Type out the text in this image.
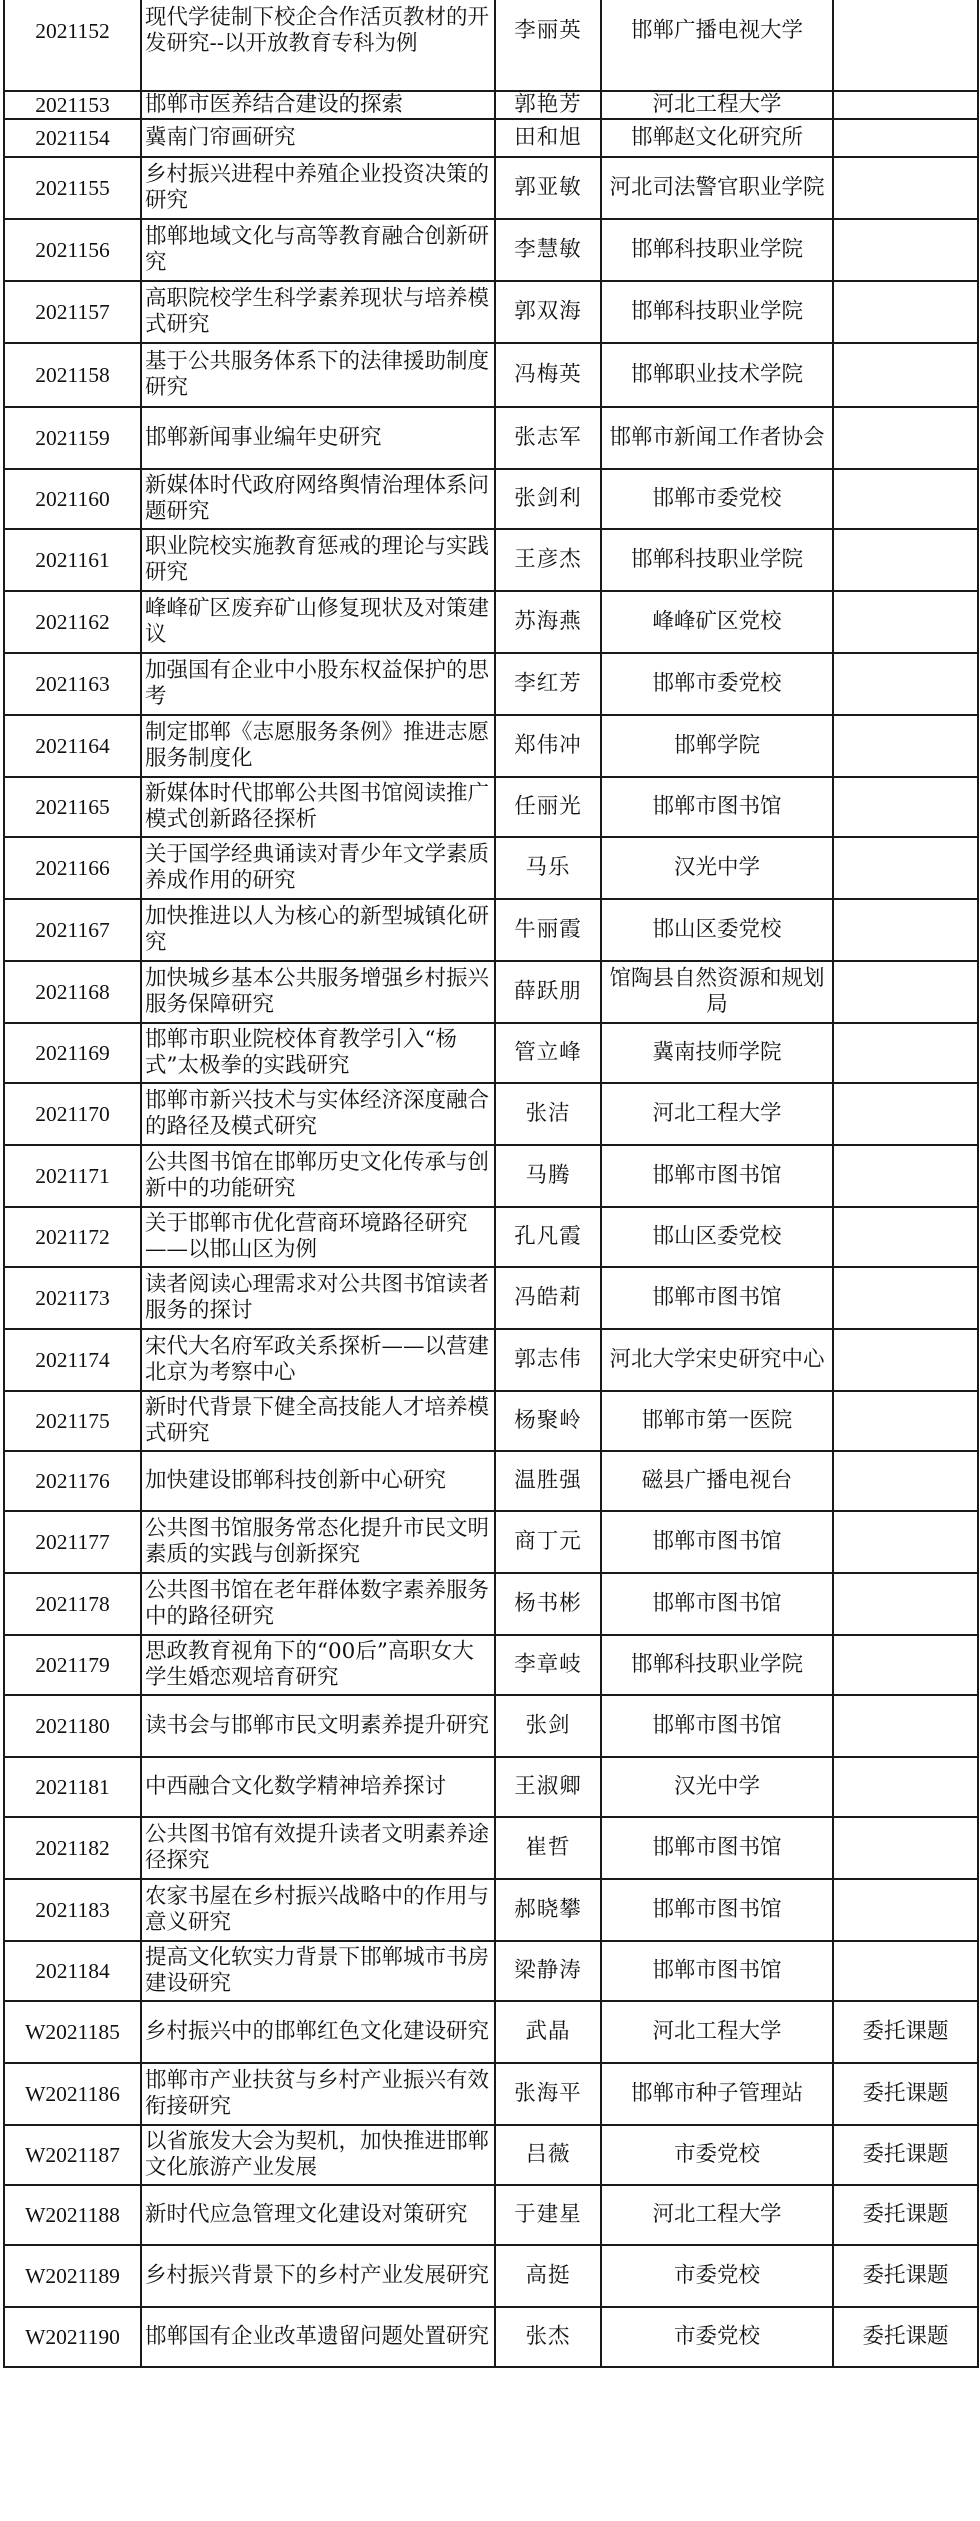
2021152	现代学徒制下校企合作活页教材的开发研究--以开放教育专科为例	李丽英	邯郸广播电视大学	
2021153	邯郸市医养结合建设的探索	郭艳芳	河北工程大学	
2021154	冀南门帘画研究	田和旭	邯郸赵文化研究所	
2021155	乡村振兴进程中养殖企业投资决策的研究	郭亚敏	河北司法警官职业学院	
2021156	邯郸地域文化与高等教育融合创新研究	李慧敏	邯郸科技职业学院	
2021157	高职院校学生科学素养现状与培养模式研究	郭双海	邯郸科技职业学院	
2021158	基于公共服务体系下的法律援助制度研究	冯梅英	邯郸职业技术学院	
2021159	邯郸新闻事业编年史研究	张志军	邯郸市新闻工作者协会	
2021160	新媒体时代政府网络舆情治理体系问题研究	张剑利	邯郸市委党校	
2021161	职业院校实施教育惩戒的理论与实践研究	王彦杰	邯郸科技职业学院	
2021162	峰峰矿区废弃矿山修复现状及对策建议	苏海燕	峰峰矿区党校	
2021163	加强国有企业中小股东权益保护的思考	李红芳	邯郸市委党校	
2021164	制定邯郸《志愿服务条例》推进志愿服务制度化	郑伟冲	邯郸学院	
2021165	新媒体时代邯郸公共图书馆阅读推广模式创新路径探析	任丽光	邯郸市图书馆	
2021166	关于国学经典诵读对青少年文学素质养成作用的研究	马乐	汉光中学	
2021167	加快推进以人为核心的新型城镇化研究	牛丽霞	邯山区委党校	
2021168	加快城乡基本公共服务增强乡村振兴服务保障研究	薛跃朋	馆陶县自然资源和规划局	
2021169	邯郸市职业院校体育教学引入“杨式”太极拳的实践研究	管立峰	冀南技师学院	
2021170	邯郸市新兴技术与实体经济深度融合的路径及模式研究	张洁	河北工程大学	
2021171	公共图书馆在邯郸历史文化传承与创新中的功能研究	马腾	邯郸市图书馆	
2021172	关于邯郸市优化营商环境路径研究——以邯山区为例	孔凡霞	邯山区委党校	
2021173	读者阅读心理需求对公共图书馆读者服务的探讨	冯皓莉	邯郸市图书馆	
2021174	宋代大名府军政关系探析——以营建北京为考察中心	郭志伟	河北大学宋史研究中心	
2021175	新时代背景下健全高技能人才培养模式研究	杨聚岭	邯郸市第一医院	
2021176	加快建设邯郸科技创新中心研究	温胜强	磁县广播电视台	
2021177	公共图书馆服务常态化提升市民文明素质的实践与创新探究	商丁元	邯郸市图书馆	
2021178	公共图书馆在老年群体数字素养服务中的路径研究	杨书彬	邯郸市图书馆	
2021179	思政教育视角下的“00后”高职女大学生婚恋观培育研究	李章岐	邯郸科技职业学院	
2021180	读书会与邯郸市民文明素养提升研究	张剑	邯郸市图书馆	
2021181	中西融合文化数学精神培养探讨	王淑卿	汉光中学	
2021182	公共图书馆有效提升读者文明素养途径探究	崔哲	邯郸市图书馆	
2021183	农家书屋在乡村振兴战略中的作用与意义研究	郝晓攀	邯郸市图书馆	
2021184	提高文化软实力背景下邯郸城市书房建设研究	梁静涛	邯郸市图书馆	
W2021185	乡村振兴中的邯郸红色文化建设研究	武晶	河北工程大学	委托课题
W2021186	邯郸市产业扶贫与乡村产业振兴有效衔接研究	张海平	邯郸市种子管理站	委托课题
W2021187	以省旅发大会为契机，加快推进邯郸文化旅游产业发展	吕薇	市委党校	委托课题
W2021188	新时代应急管理文化建设对策研究	于建星	河北工程大学	委托课题
W2021189	乡村振兴背景下的乡村产业发展研究	高挺	市委党校	委托课题
W2021190	邯郸国有企业改革遗留问题处置研究	张杰	市委党校	委托课题
